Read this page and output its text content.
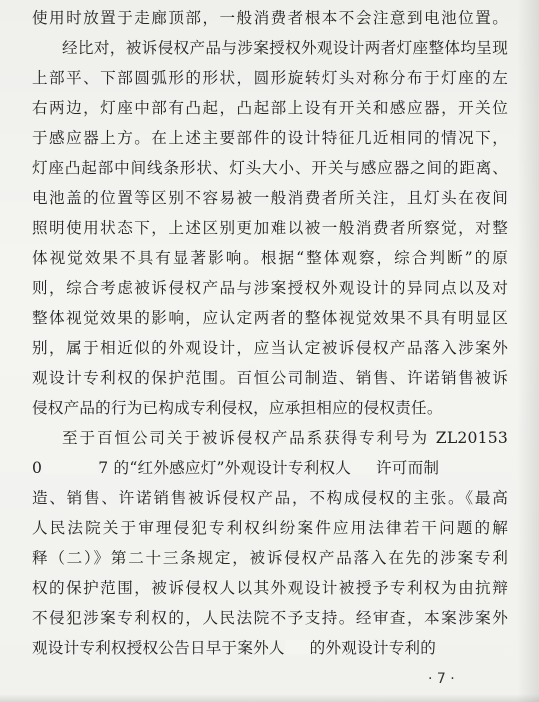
使用时放置于走廊顶部，一般消费者根本不会注意到电池位置。
经比对，被诉侵权产品与涉案授权外观设计两者灯座整体均呈现
上部平、下部圆弧形的形状，圆形旋转灯头对称分布于灯座的左
右两边，灯座中部有凸起，凸起部上设有开关和感应器，开关位
于感应器上方。在上述主要部件的设计特征几近相同的情况下，
灯座凸起部中间线条形状、灯头大小、开关与感应器之间的距离、
电池盖的位置等区别不容易被一般消费者所关注，且灯头在夜间
照明使用状态下，上述区别更加难以被一般消费者所察觉，对整
体视觉效果不具有显著影响。根据“整体观察，综合判断”的原
则，综合考虑被诉侵权产品与涉案授权外观设计的异同点以及对
整体视觉效果的影响，应认定两者的整体视觉效果不具有明显区
别，属于相近似的外观设计，应当认定被诉侵权产品落入涉案外
观设计专利权的保护范围。百恒公司制造、销售、许诺销售被诉
侵权产品的行为已构成专利侵权，应承担相应的侵权责任。
至于百恒公司关于被诉侵权产品系获得专利号为 ZL20153
0	7 的“红外感应灯”外观设计专利权人 许可而制
造、销售、许诺销售被诉侵权产品，不构成侵权的主张。《最高
人民法院关于审理侵犯专利权纠纷案件应用法律若干问题的解
释（二）》第二十三条规定，被诉侵权产品落入在先的涉案专利
权的保护范围，被诉侵权人以其外观设计被授予专利权为由抗辩
不侵犯涉案专利权的，人民法院不予支持。经审查，本案涉案外
观设计专利权授权公告日早于案外人 的外观设计专利的
· 7 ·
